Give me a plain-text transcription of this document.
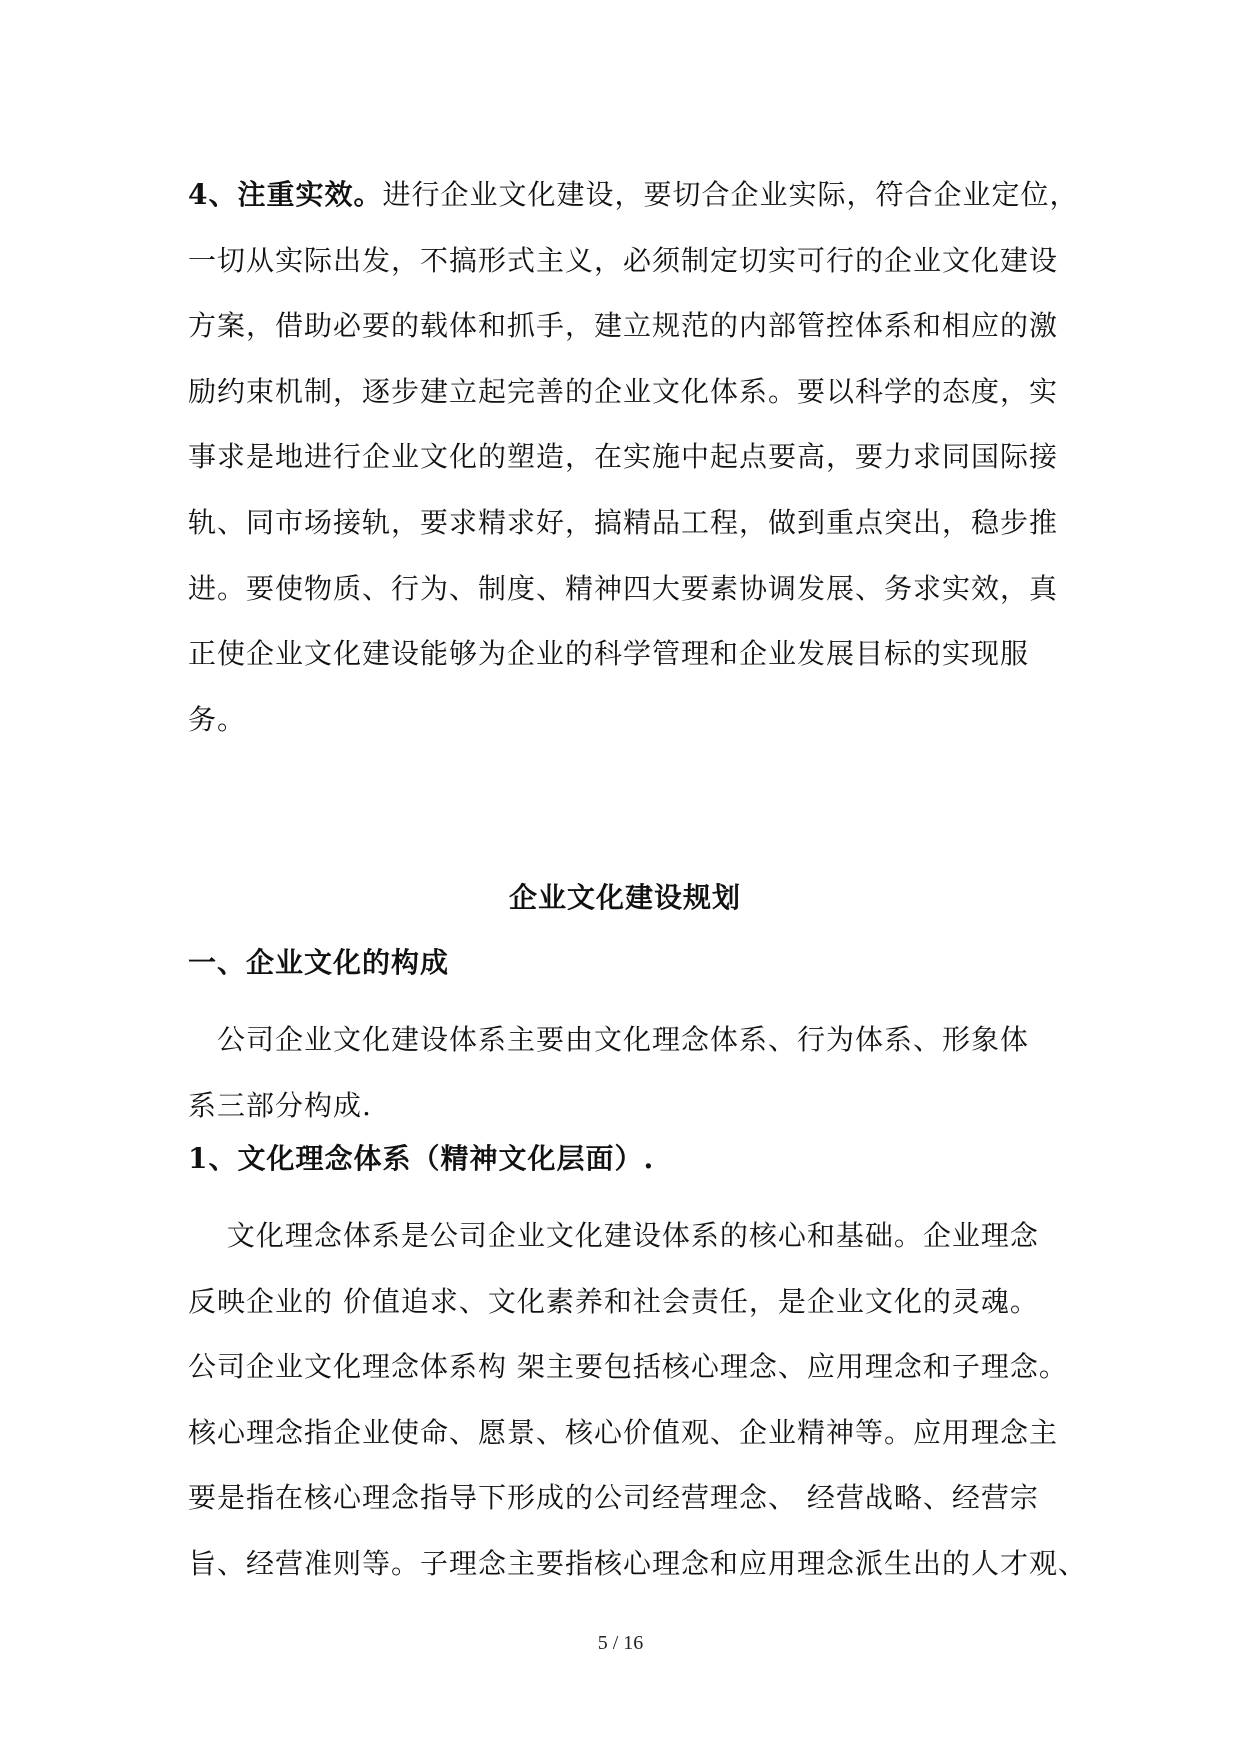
4、注重实效。进行企业文化建设，要切合企业实际，符合企业定位，
一切从实际出发，不搞形式主义，必须制定切实可行的企业文化建设
方案，借助必要的载体和抓手，建立规范的内部管控体系和相应的激
励约束机制，逐步建立起完善的企业文化体系。要以科学的态度，实
事求是地进行企业文化的塑造，在实施中起点要高，要力求同国际接
轨、同市场接轨，要求精求好，搞精品工程，做到重点突出，稳步推
进。要使物质、行为、制度、精神四大要素协调发展、务求实效，真
正使企业文化建设能够为企业的科学管理和企业发展目标的实现服
务。
企业文化建设规划
一、企业文化的构成
　公司企业文化建设体系主要由文化理念体系、行为体系、形象体
系三部分构成.
1、文化理念体系（精神文化层面）.
　 文化理念体系是公司企业文化建设体系的核心和基础。企业理念
反映企业的 价值追求、文化素养和社会责任，是企业文化的灵魂。
公司企业文化理念体系构 架主要包括核心理念、应用理念和子理念。
核心理念指企业使命、愿景、核心价值观、企业精神等。应用理念主
要是指在核心理念指导下形成的公司经营理念、 经营战略、经营宗
旨、经营准则等。子理念主要指核心理念和应用理念派生出的人才观、
5 / 16
